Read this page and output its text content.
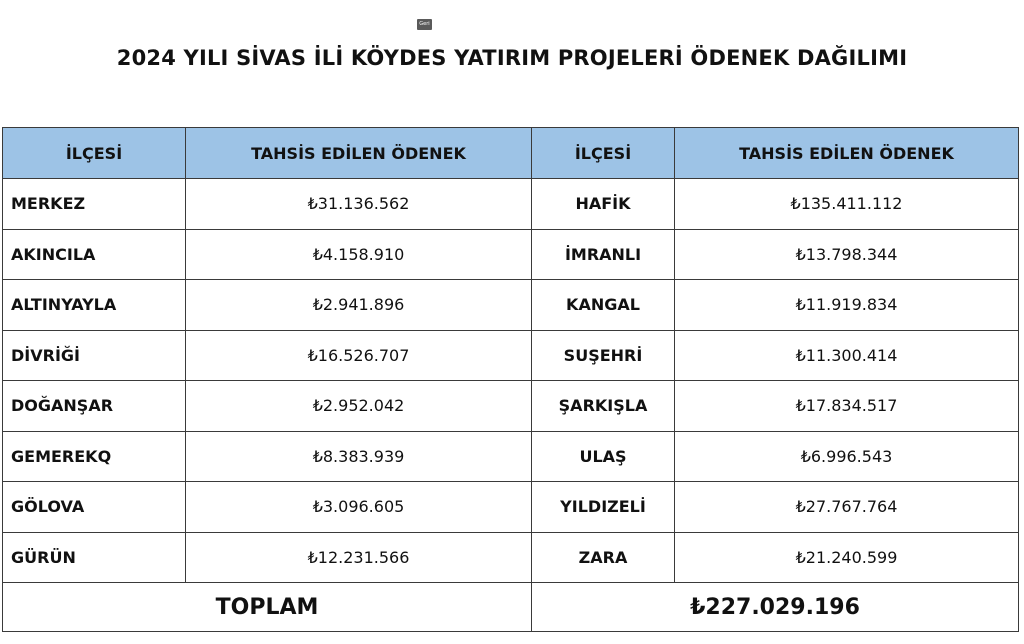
Geri
2024 YILI SİVAS İLİ KÖYDES YATIRIM PROJELERİ ÖDENEK DAĞILIMI
İLÇESİ	TAHSİS EDİLEN ÖDENEK	İLÇESİ	TAHSİS EDİLEN ÖDENEK
MERKEZ	₺31.136.562	HAFİK	₺135.411.112
AKINCILA	₺4.158.910	İMRANLI	₺13.798.344
ALTINYAYLA	₺2.941.896	KANGAL	₺11.919.834
DİVRİĞİ	₺16.526.707	SUŞEHRİ	₺11.300.414
DOĞANŞAR	₺2.952.042	ŞARKIŞLA	₺17.834.517
GEMEREKQ	₺8.383.939	ULAŞ	₺6.996.543
GÖLOVA	₺3.096.605	YILDIZELİ	₺27.767.764
GÜRÜN	₺12.231.566	ZARA	₺21.240.599
TOPLAM		₺227.029.196	
